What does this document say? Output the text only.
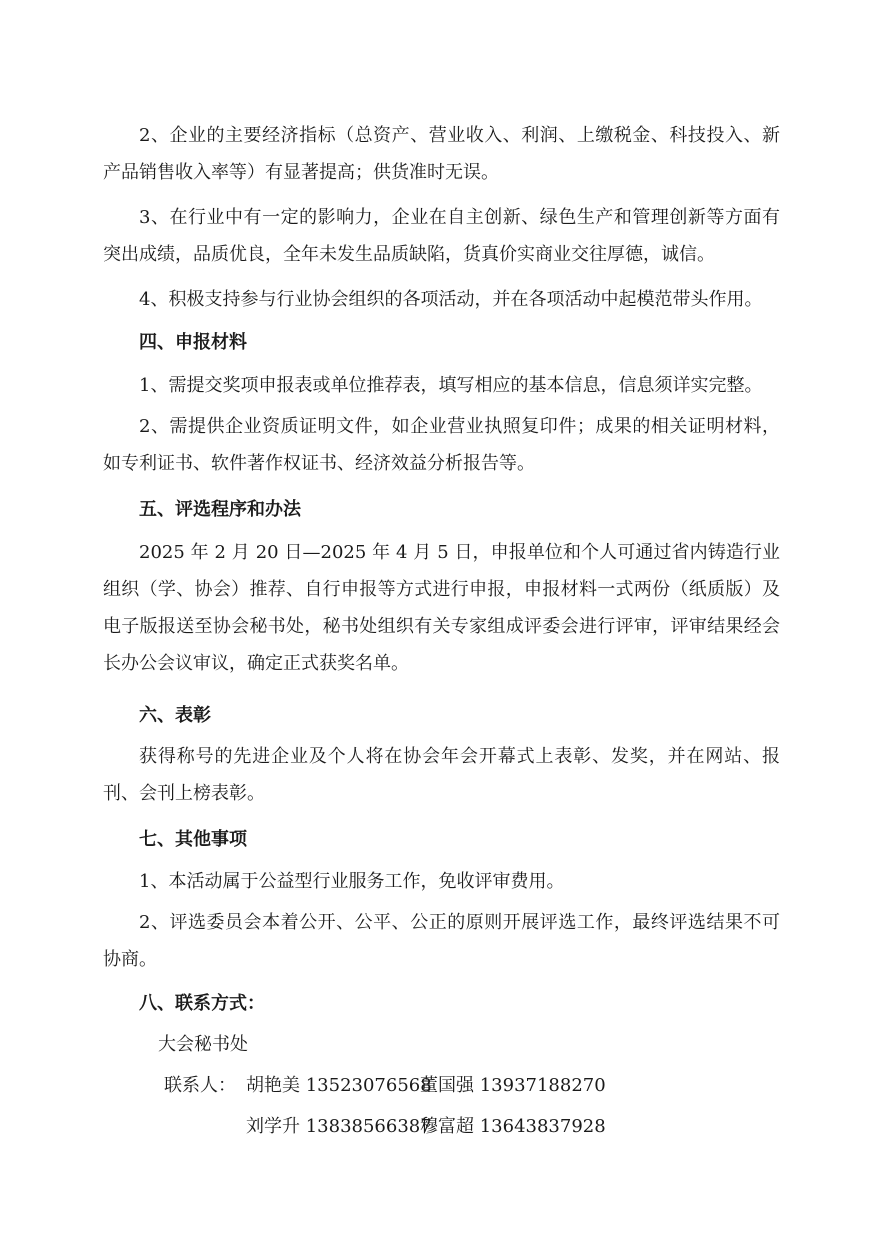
2、企业的主要经济指标（总资产、营业收入、利润、上缴税金、科技投入、新产品销售收入率等）有显著提高；供货准时无误。

3、在行业中有一定的影响力，企业在自主创新、绿色生产和管理创新等方面有突出成绩，品质优良，全年未发生品质缺陷，货真价实商业交往厚德，诚信。

4、积极支持参与行业协会组织的各项活动，并在各项活动中起模范带头作用。

四、申报材料

1、需提交奖项申报表或单位推荐表，填写相应的基本信息，信息须详实完整。

2、需提供企业资质证明文件，如企业营业执照复印件；成果的相关证明材料，如专利证书、软件著作权证书、经济效益分析报告等。

五、评选程序和办法

2025 年 2 月 20 日—2025 年 4 月 5 日，申报单位和个人可通过省内铸造行业组织（学、协会）推荐、自行申报等方式进行申报，申报材料一式两份（纸质版）及电子版报送至协会秘书处，秘书处组织有关专家组成评委会进行评审，评审结果经会长办公会议审议，确定正式获奖名单。

六、表彰

获得称号的先进企业及个人将在协会年会开幕式上表彰、发奖，并在网站、报刊、会刊上榜表彰。

七、其他事项

1、本活动属于公益型行业服务工作，免收评审费用。

2、评选委员会本着公开、公平、公正的原则开展评选工作，最终评选结果不可协商。

八、联系方式：

大会秘书处
联系人： 胡艳美 13523076568
董国强 13937188270
刘学升 13838566387
穆富超 13643837928
